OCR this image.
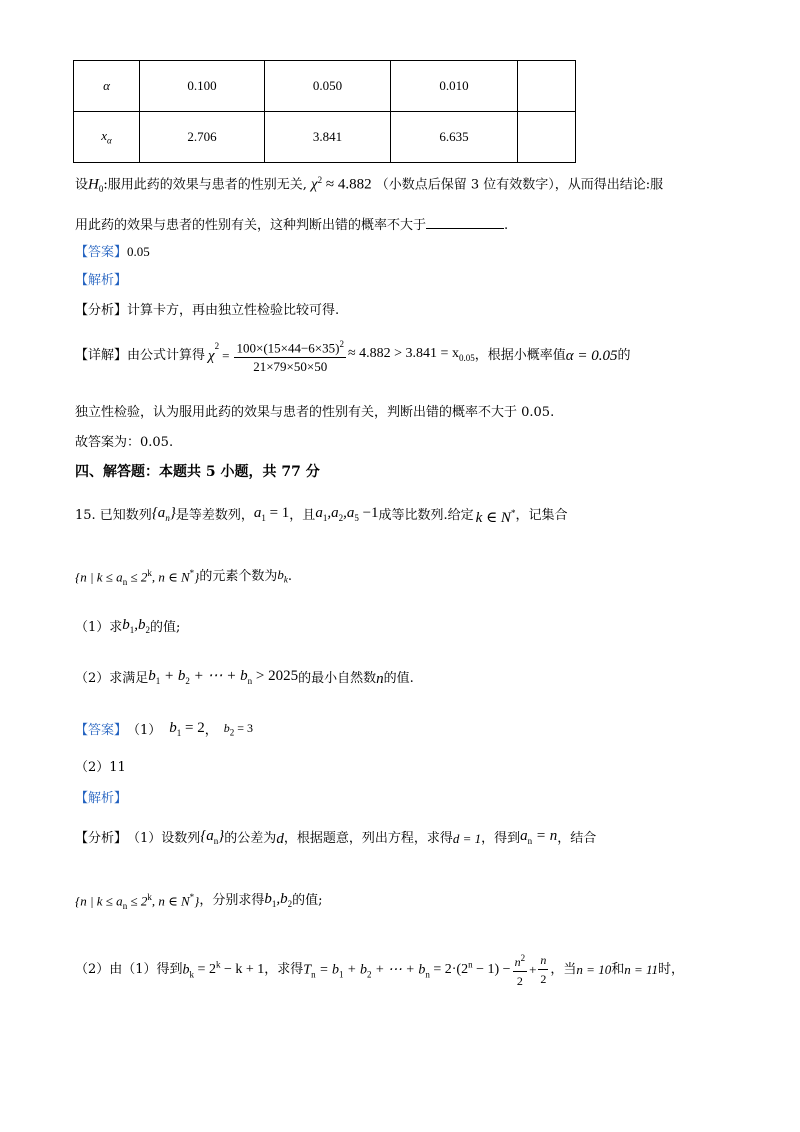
α	0.100	0.050	0.010	
$x_\alpha$	2.706	3.841	6.635	
设$H_0$:服用此药的效果与患者的性别无关, $\chi^2 \approx 4.882$ （小数点后保留 3 位有效数字），从而得出结论:服
用此药的效果与患者的性别有关，这种判断出错的概率不大于	.
【答案】0.05
【解析】
【分析】计算卡方，再由独立性检验比较可得.
【详解】 由公式计算得 χ
$^2$
= $\frac{100\times(15\times 44-6\times 35)^2}{21\times 79\times 50\times 50} \approx 4.882 > 3.841 = x_{0.05}$ ，根据小概率值 α = 0.05 的
独立性检验，认为服用此药的效果与患者的性别有关，判断出错的概率不大于 0.05.
故答案为：0.05.
四、解答题：本题共 5 小题，共 77 分
15. 已知数列 $\{a_n\}$ 是等差数列， $a_1 = 1$ ，且 $a_1,a_2,a_5 -1$ 成等比数列.给定 k ∈ N* ，记集合
{n | $k \le a_n \le 2^k$, n ∈ N*} 的元素个数为 $b_k$ .
（1）求 $b_1,b_2$ 的值;
（2）求满足 $b_1 + b_2$ + ⋯ + $b_n > 2025$ 的最小自然数 n 的值.
【答案】 （1） $b_1 = 2$ ， $b_2 = 3$
（2）11
【解析】
【分析】 （1）设数列 $\{a_n\}$ 的公差为 d ，根据题意，列出方程，求得 d = 1 ，得到 $a_n = n$ ，结合
{n | $k \le a_n \le 2^k$, n ∈ N*} ，分别求得 $b_1,b_2$ 的值;
（2）由（1）得到 $b_k = 2^k - k + 1$ ，求得 $T_n = b_1 + b_2$ + ⋯ + $b_n = 2\cdot(2^n - 1) - \frac{n^2}{2} + \frac{n}{2}$ ，当 n = 10 和 n = 11 时，
